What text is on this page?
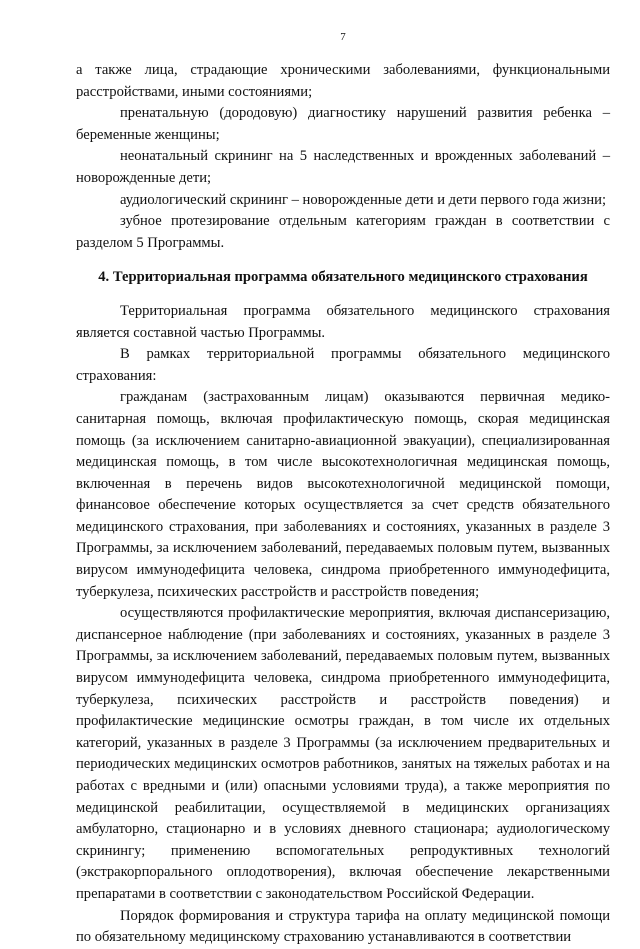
7

а также лица, страдающие хроническими заболеваниями, функциональными расстройствами, иными состояниями;

пренатальную (дородовую) диагностику нарушений развития ребенка – беременные женщины;

неонатальный скрининг на 5 наследственных и врожденных заболеваний – новорожденные дети;

аудиологический скрининг – новорожденные дети и дети первого года жизни;

зубное протезирование отдельным категориям граждан в соответствии с разделом 5 Программы.

4. Территориальная программа обязательного медицинского страхования

Территориальная программа обязательного медицинского страхования является составной частью Программы.

В рамках территориальной программы обязательного медицинского страхования:

гражданам (застрахованным лицам) оказываются первичная медико-санитарная помощь, включая профилактическую помощь, скорая медицинская помощь (за исключением санитарно-авиационной эвакуации), специализированная медицинская помощь, в том числе высокотехнологичная медицинская помощь, включенная в перечень видов высокотехнологичной медицинской помощи, финансовое обеспечение которых осуществляется за счет средств обязательного медицинского страхования, при заболеваниях и состояниях, указанных в разделе 3 Программы, за исключением заболеваний, передаваемых половым путем, вызванных вирусом иммунодефицита человека, синдрома приобретенного иммунодефицита, туберкулеза, психических расстройств и расстройств поведения;

осуществляются профилактические мероприятия, включая диспансеризацию, диспансерное наблюдение (при заболеваниях и состояниях, указанных в разделе 3 Программы, за исключением заболеваний, передаваемых половым путем, вызванных вирусом иммунодефицита человека, синдрома приобретенного иммунодефицита, туберкулеза, психических расстройств и расстройств поведения) и профилактические медицинские осмотры граждан, в том числе их отдельных категорий, указанных в разделе 3 Программы (за исключением предварительных и периодических медицинских осмотров работников, занятых на тяжелых работах и на работах с вредными и (или) опасными условиями труда), а также мероприятия по медицинской реабилитации, осуществляемой в медицинских организациях амбулаторно, стационарно и в условиях дневного стационара; аудиологическому скринингу; применению вспомогательных репродуктивных технологий (экстракорпорального оплодотворения), включая обеспечение лекарственными препаратами в соответствии с законодательством Российской Федерации.

Порядок формирования и структура тарифа на оплату медицинской помощи по обязательному медицинскому страхованию устанавливаются в соответствии
